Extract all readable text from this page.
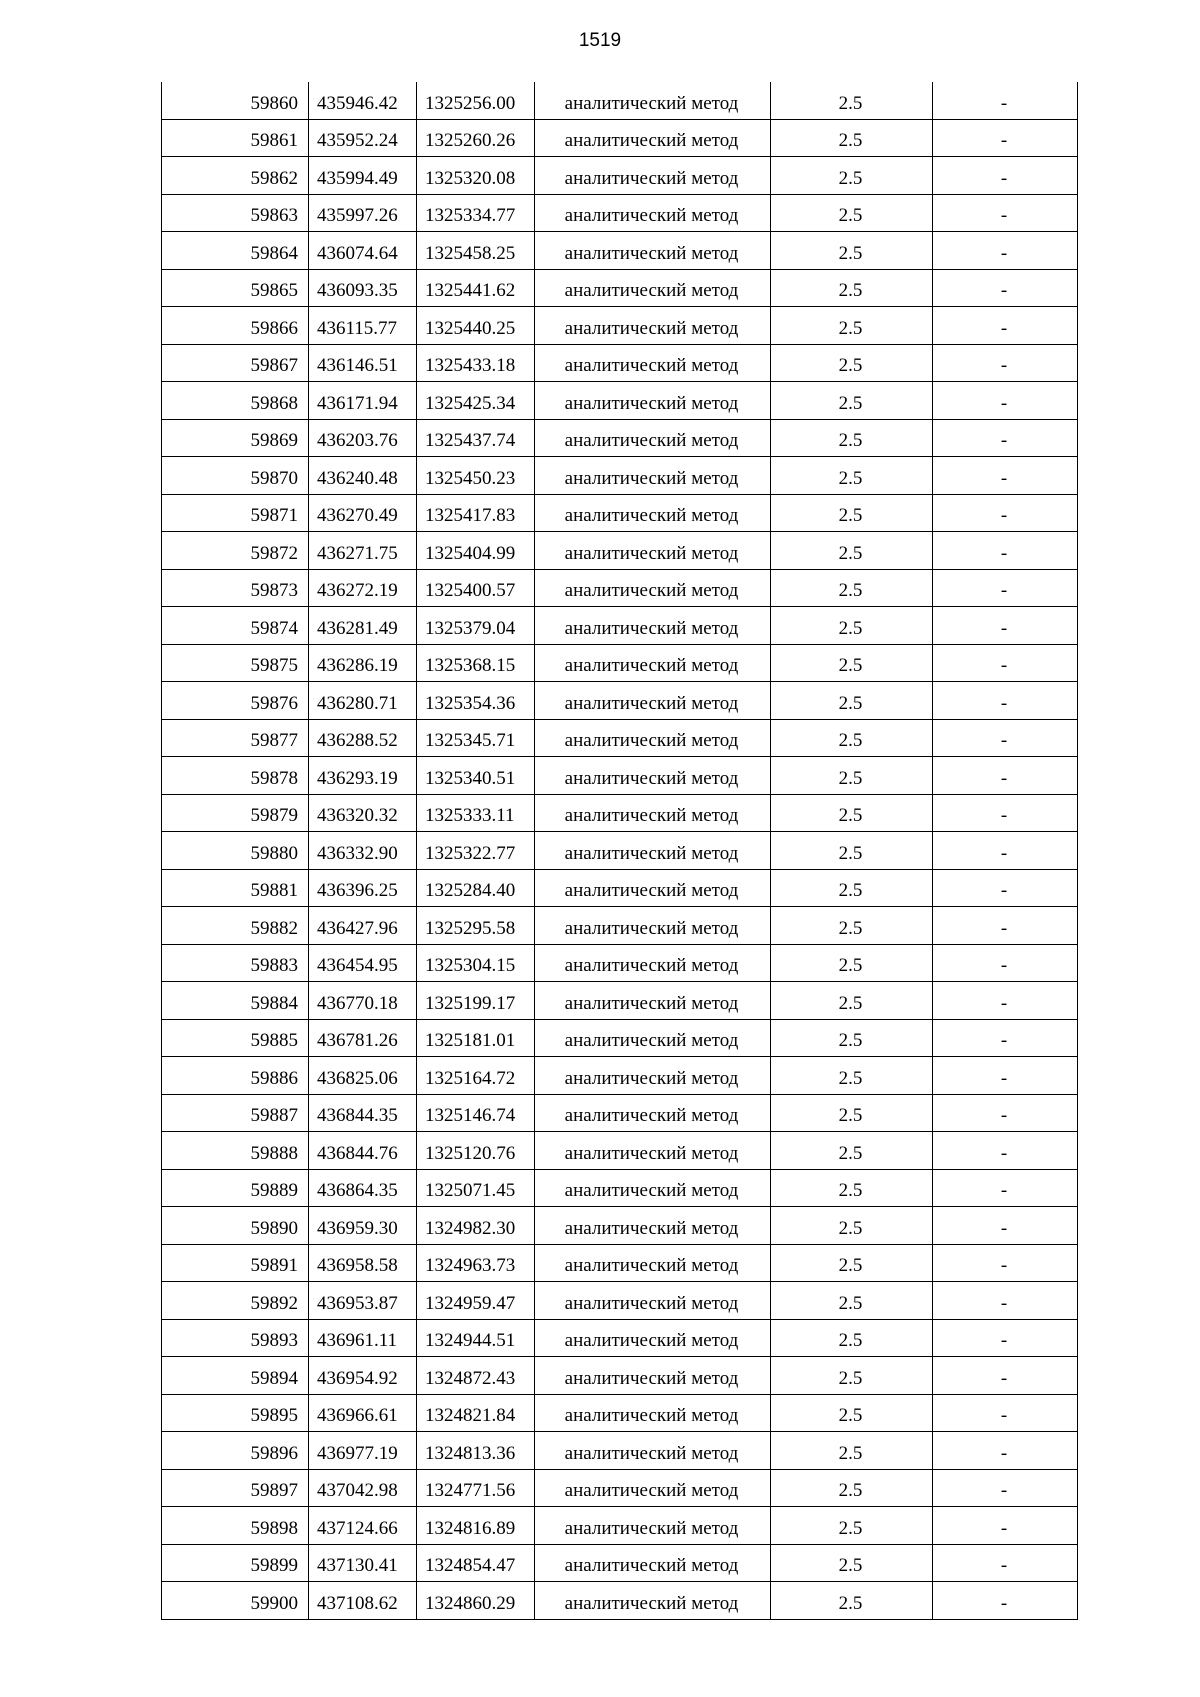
1519
59860	435946.42	1325256.00	аналитический метод	2.5	-
59861	435952.24	1325260.26	аналитический метод	2.5	-
59862	435994.49	1325320.08	аналитический метод	2.5	-
59863	435997.26	1325334.77	аналитический метод	2.5	-
59864	436074.64	1325458.25	аналитический метод	2.5	-
59865	436093.35	1325441.62	аналитический метод	2.5	-
59866	436115.77	1325440.25	аналитический метод	2.5	-
59867	436146.51	1325433.18	аналитический метод	2.5	-
59868	436171.94	1325425.34	аналитический метод	2.5	-
59869	436203.76	1325437.74	аналитический метод	2.5	-
59870	436240.48	1325450.23	аналитический метод	2.5	-
59871	436270.49	1325417.83	аналитический метод	2.5	-
59872	436271.75	1325404.99	аналитический метод	2.5	-
59873	436272.19	1325400.57	аналитический метод	2.5	-
59874	436281.49	1325379.04	аналитический метод	2.5	-
59875	436286.19	1325368.15	аналитический метод	2.5	-
59876	436280.71	1325354.36	аналитический метод	2.5	-
59877	436288.52	1325345.71	аналитический метод	2.5	-
59878	436293.19	1325340.51	аналитический метод	2.5	-
59879	436320.32	1325333.11	аналитический метод	2.5	-
59880	436332.90	1325322.77	аналитический метод	2.5	-
59881	436396.25	1325284.40	аналитический метод	2.5	-
59882	436427.96	1325295.58	аналитический метод	2.5	-
59883	436454.95	1325304.15	аналитический метод	2.5	-
59884	436770.18	1325199.17	аналитический метод	2.5	-
59885	436781.26	1325181.01	аналитический метод	2.5	-
59886	436825.06	1325164.72	аналитический метод	2.5	-
59887	436844.35	1325146.74	аналитический метод	2.5	-
59888	436844.76	1325120.76	аналитический метод	2.5	-
59889	436864.35	1325071.45	аналитический метод	2.5	-
59890	436959.30	1324982.30	аналитический метод	2.5	-
59891	436958.58	1324963.73	аналитический метод	2.5	-
59892	436953.87	1324959.47	аналитический метод	2.5	-
59893	436961.11	1324944.51	аналитический метод	2.5	-
59894	436954.92	1324872.43	аналитический метод	2.5	-
59895	436966.61	1324821.84	аналитический метод	2.5	-
59896	436977.19	1324813.36	аналитический метод	2.5	-
59897	437042.98	1324771.56	аналитический метод	2.5	-
59898	437124.66	1324816.89	аналитический метод	2.5	-
59899	437130.41	1324854.47	аналитический метод	2.5	-
59900	437108.62	1324860.29	аналитический метод	2.5	-
